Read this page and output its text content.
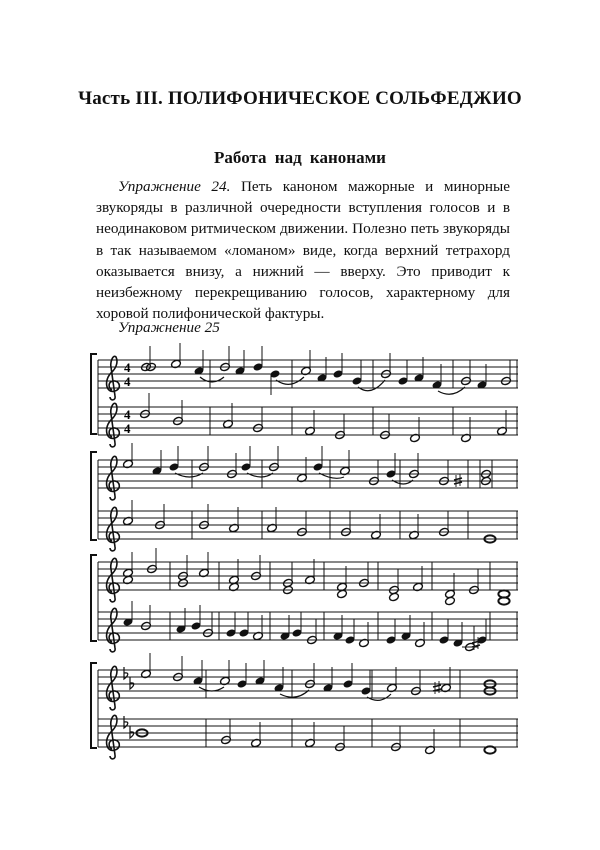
Часть III. ПОЛИФОНИЧЕСКОЕ СОЛЬФЕДЖИО
Работа над канонами

Упражнение 24. Петь каноном мажорные и минорные звукоряды в различной очередности вступления голосов и в неодинаковом ритмическом движении. Полезно петь звукоряды в так называемом «ломаном» виде, когда верхний тетрахорд оказывается внизу, а нижний — вверху. Это приводит к неизбежному перекрещиванию голосов, характерному для хоровой полифонической фактуры.

Упражнение 25
4
4
4
4
